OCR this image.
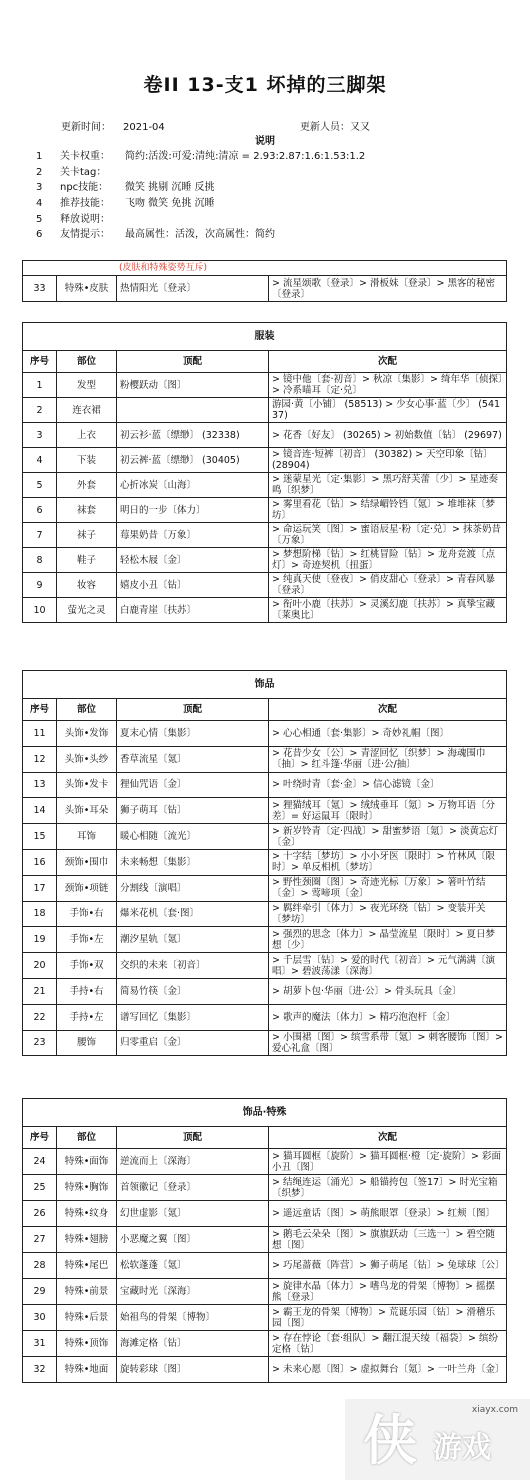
卷II 13-支1 坏掉的三脚架
更新时间： 2021-04	更新人员：又又
说明
1	关卡权重：	简约:活泼:可爱:清纯:清凉 = 2.93:2.87:1.6:1.53:1.2
2	关卡tag：
3	npc技能：	微笑 挑剔 沉睡 反挑
4	推荐技能：	飞吻 微笑 免挑 沉睡
5	释放说明：
6	友情提示：	最高属性：活泼，次高属性：简约
(皮肤和特殊姿势互斥)
33	特殊•皮肤	热情阳光〔登录〕	> 流星颂歌〔登录〕> 滑板妹〔登录〕> 黑客的秘密〔登录〕
服装			
序号	部位	顶配	次配
1	发型	粉樱跃动〔图〕	> 镜中他〔套·初音〕> 秋凉〔集影〕> 绮年华〔侦探〕> 冷系喵耳〔定·兑〕
2	连衣裙		游园·黄〔小铺〕 (58513) > 少女心事·蓝〔少〕 (54137)
3	上衣	初云衫·蓝〔缥缈〕 (32338)	> 花香〔好友〕 (30265) > 初始数值〔钻〕 (29697)
4	下装	初云裤·蓝〔缥缈〕 (30405)	> 镜音连·短裤〔初音〕 (30382) > 天空印象〔钻〕 (28904)
5	外套	心折冰炭〔山海〕	> 迷蒙星光〔定·集影〕> 黑巧舒芙蕾〔少〕> 星迹奏鸣〔织梦〕
6	袜套	明日的一步〔体力〕	> 雾里看花〔钻〕> 结绿嵋铃铛〔氪〕> 堆堆袜〔梦坊〕
7	袜子	莓果奶昔〔万象〕	> 命运玩笑〔图〕> 蜜语辰星·粉〔定·兑〕> 抹茶奶昔〔万象〕
8	鞋子	轻松木屐〔金〕	> 梦想阶梯〔钻〕> 红桃冒险〔钻〕> 龙舟竞渡〔点灯〕> 奇迹契机〔扭蛋〕
9	妆容	嬉皮小丑〔钻〕	> 纯真天使〔登夜〕> 俏皮甜心〔登录〕> 青春风暴〔登录〕
10	萤光之灵	白鹿青崖〔扶苏〕	> 衔叶小鹿〔扶苏〕> 灵溪幻鹿〔扶苏〕> 真挚宝藏〔莱奥比〕
饰品			
序号	部位	顶配	次配
11	头饰•发饰	夏末心情〔集影〕	> 心心相通〔套·集影〕> 奇妙礼帽〔图〕
12	头饰•头纱	香草流星〔氪〕	> 花昔少女〔公〕> 青涩回忆〔织梦〕> 海魂围巾〔抽〕> 红斗篷·华丽〔进·公/抽〕
13	头饰•发卡	狸仙咒语〔金〕	> 叶绕时青〔套·金〕> 信心滤镜〔金〕
14	头饰•耳朵	狮子萌耳〔钻〕	> 狸猫绒耳〔氪〕> 绒绒垂耳〔氪〕> 万物耳语〔分差〕= 好运鼠耳〔限时〕
15	耳饰	暖心相随〔流光〕	> 新岁铃青〔定·四战〕> 甜蜜梦语〔氪〕> 淡黄忘灯〔金〕
16	颈饰•围巾	未来畅想〔集影〕	> 十字结〔梦坊〕> 小小牙医〔限时〕> 竹林风〔限时〕> 单反相机〔梦坊〕
17	颈饰•项链	分割线〔演唱〕	> 野性颈圈〔图〕> 奇迹光标〔万象〕> 箸叶竹结〔金〕> 莺啼项〔金〕
18	手饰•右	爆米花机〔套·图〕	> 羁绊牵引〔体力〕> 夜光环绕〔钻〕> 变装开关〔梦坊〕
19	手饰•左	潮汐星轨〔氪〕	> 强烈的思念〔体力〕> 晶莹流星〔限时〕> 夏日梦想〔少〕
20	手饰•双	交织的未来〔初音〕	> 千层雪〔钻〕> 爱的时代〔初音〕> 元气满满〔演唱〕> 碧波荡漾〔深海〕
21	手持•右	简易竹筷〔金〕	> 胡萝卜包·华丽〔进·公〕> 骨头玩具〔金〕
22	手持•左	谱写回忆〔集影〕	> 歌声的魔法〔体力〕> 精巧泡泡杆〔金〕
23	腰饰	归零重启〔金〕	> 小围裙〔图〕> 缤雪系带〔氪〕> 刺客腰饰〔图〕> 爱心礼盒〔图〕
饰品·特殊			
序号	部位	顶配	次配
24	特殊•面饰	逆流而上〔深海〕	> 猫耳圆框〔旋阶〕> 猫耳圆框·橙〔定·旋阶〕> 彩面小丑〔图〕
25	特殊•胸饰	首领徽记〔登录〕	> 结绳连运〔涌光〕> 船锚挎包〔签17〕> 时光宝箱〔织梦〕
26	特殊•纹身	幻世虚影〔氪〕	> 遥远童话〔图〕> 萌熊眼罩〔登录〕> 红颊〔图〕
27	特殊•翅膀	小恶魔之翼〔图〕	> 鹅毛云朵朵〔图〕> 旗旗跃动〔三选一〕> 碧空随想〔图〕
28	特殊•尾巴	松软蓬蓬〔氪〕	> 巧尾蔷薇〔阵营〕> 狮子萌尾〔钻〕> 兔球球〔公〕
29	特殊•前景	宝藏时光〔深海〕	> 旋律水晶〔体力〕> 嗜鸟龙的骨架〔博物〕> 摇摆熊〔登录〕
30	特殊•后景	始祖鸟的骨架〔博物〕	> 霸王龙的骨架〔博物〕> 荒诞乐园〔钻〕> 滑稽乐园〔图〕
31	特殊•顶饰	海滩定格〔钻〕	> 存在悖论〔套·组队〕> 翻江混天绫〔福袋〕> 缤纷定格〔钻〕
32	特殊•地面	旋转彩球〔图〕	> 未来心愿〔图〕> 虚拟舞台〔氪〕> 一叶兰舟〔金〕
xiayx.com
侠 游戏
